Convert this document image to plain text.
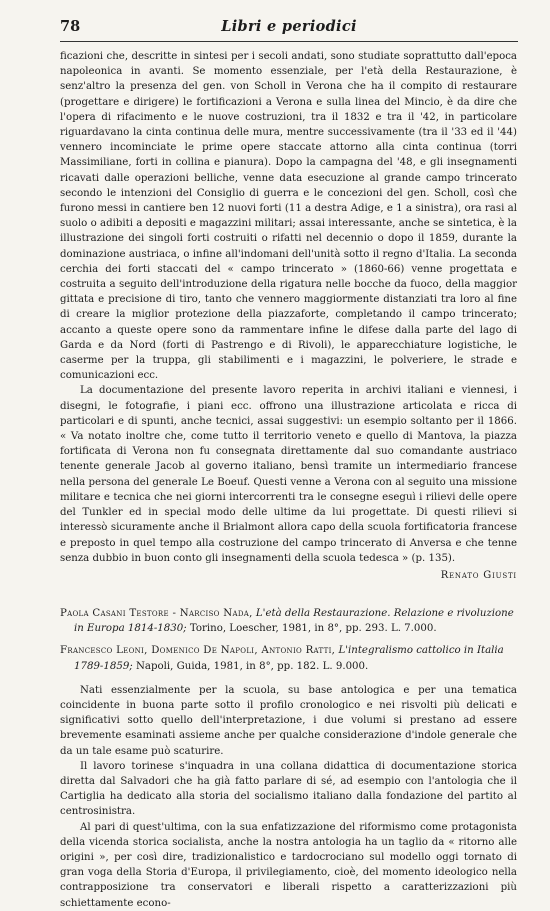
78	Libri e periodici

ficazioni che, descritte in sintesi per i secoli andati, sono studiate soprattutto dall'epoca napoleonica in avanti. Se momento essenziale, per l'età della Restaurazione, è senz'altro la presenza del gen. von Scholl in Verona che ha il compito di restaurare (progettare e dirigere) le fortificazioni a Verona e sulla linea del Mincio, è da dire che l'opera di rifacimento e le nuove costruzioni, tra il 1832 e tra il '42, in particolare riguardavano la cinta continua delle mura, mentre successivamente (tra il '33 ed il '44) vennero incominciate le prime opere staccate attorno alla cinta continua (torri Massimiliane, forti in collina e pianura). Dopo la campagna del '48, e gli insegnamenti ricavati dalle operazioni belliche, venne data esecuzione al grande campo trincerato secondo le intenzioni del Consiglio di guerra e le concezioni del gen. Scholl, così che furono messi in cantiere ben 12 nuovi forti (11 a destra Adige, e 1 a sinistra), ora rasi al suolo o adibiti a depositi e magazzini militari; assai interessante, anche se sintetica, è la illustrazione dei singoli forti costruiti o rifatti nel decennio o dopo il 1859, durante la dominazione austriaca, o infine all'indomani dell'unità sotto il regno d'Italia. La seconda cerchia dei forti staccati del « campo trincerato » (1860-66) venne progettata e costruita a seguito dell'introduzione della rigatura nelle bocche da fuoco, della maggior gittata e precisione di tiro, tanto che vennero maggiormente distanziati tra loro al fine di creare la miglior protezione della piazzaforte, completando il campo trincerato; accanto a queste opere sono da rammentare infine le difese dalla parte del lago di Garda e da Nord (forti di Pastrengo e di Rivoli), le apparecchiature logistiche, le caserme per la truppa, gli stabilimenti e i magazzini, le polveriere, le strade e comunicazioni ecc.

La documentazione del presente lavoro reperita in archivi italiani e viennesi, i disegni, le fotografie, i piani ecc. offrono una illustrazione articolata e ricca di particolari e di spunti, anche tecnici, assai suggestivi: un esempio soltanto per il 1866. « Va notato inoltre che, come tutto il territorio veneto e quello di Mantova, la piazza fortificata di Verona non fu consegnata direttamente dal suo comandante austriaco tenente generale Jacob al governo italiano, bensì tramite un intermediario francese nella persona del generale Le Boeuf. Questi venne a Verona con al seguito una missione militare e tecnica che nei giorni intercorrenti tra le consegne eseguì i rilievi delle opere del Tunkler ed in special modo delle ultime da lui progettate. Di questi rilievi si interessò sicuramente anche il Brialmont allora capo della scuola fortificatoria francese e preposto in quel tempo alla costruzione del campo trincerato di Anversa e che tenne senza dubbio in buon conto gli insegnamenti della scuola tedesca » (p. 135).

Renato Giusti
Paola Casani Testore - Narciso Nada, L'età della Restaurazione. Relazione e rivoluzione in Europa 1814-1830; Torino, Loescher, 1981, in 8°, pp. 293. L. 7.000.
Francesco Leoni, Domenico De Napoli, Antonio Ratti, L'integralismo cattolico in Italia 1789-1859; Napoli, Guida, 1981, in 8°, pp. 182. L. 9.000.

Nati essenzialmente per la scuola, su base antologica e per una tematica coincidente in buona parte sotto il profilo cronologico e nei risvolti più delicati e significativi sotto quello dell'interpretazione, i due volumi si prestano ad essere brevemente esaminati assieme anche per qualche considerazione d'indole generale che da un tale esame può scaturire.

Il lavoro torinese s'inquadra in una collana didattica di documentazione storica diretta dal Salvadori che ha già fatto parlare di sé, ad esempio con l'antologia che il Cartiglia ha dedicato alla storia del socialismo italiano dalla fondazione del partito al centrosinistra.

Al pari di quest'ultima, con la sua enfatizzazione del riformismo come protagonista della vicenda storica socialista, anche la nostra antologia ha un taglio da « ritorno alle origini », per così dire, tradizionalistico e tardocrociano sul modello oggi tornato di gran voga della Storia d'Europa, il privilegiamento, cioè, del momento ideologico nella contrapposizione tra conservatori e liberali rispetto a caratterizzazioni più schiettamente econo-
